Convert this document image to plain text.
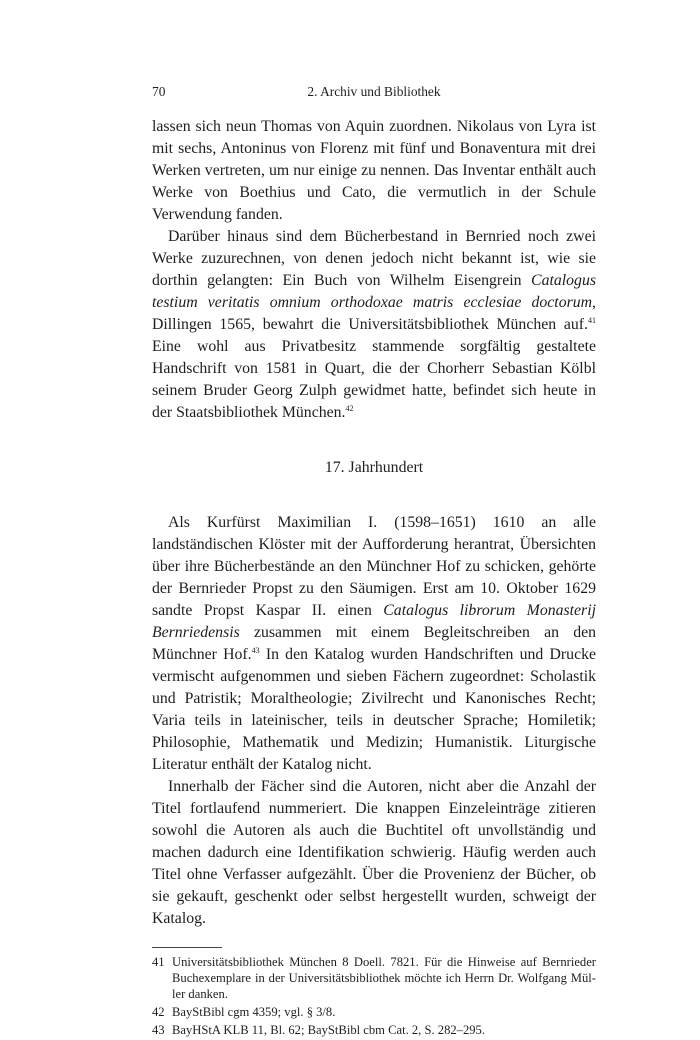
70	2. Archiv und Bibliothek

lassen sich neun Thomas von Aquin zuordnen. Nikolaus von Lyra ist mit sechs, Antoninus von Florenz mit fünf und Bonaventura mit drei Werken vertreten, um nur einige zu nennen. Das Inventar enthält auch Werke von Boethius und Cato, die vermutlich in der Schule Verwendung fanden.

Darüber hinaus sind dem Bücherbestand in Bernried noch zwei Werke zuzurechnen, von denen jedoch nicht bekannt ist, wie sie dorthin gelangten: Ein Buch von Wilhelm Eisengrein Catalogus testium veritatis omnium orthodoxae matris ecclesiae doctorum, Dillingen 1565, bewahrt die Universitätsbibliothek München auf.$^{41}$ Eine wohl aus Privatbesitz stammende sorgfältig gestaltete Handschrift von 1581 in Quart, die der Chorherr Sebastian Kölbl seinem Bruder Georg Zulph gewidmet hatte, befindet sich heute in der Staatsbibliothek München.$^{42}$

17. Jahrhundert

Als Kurfürst Maximilian I. (1598–1651) 1610 an alle landständischen Klöster mit der Aufforderung herantrat, Übersichten über ihre Bücherbestände an den Münchner Hof zu schicken, gehörte der Bernrieder Propst zu den Säumigen. Erst am 10. Oktober 1629 sandte Propst Kaspar II. einen Catalogus librorum Monasterij Bernriedensis zusammen mit einem Begleitschreiben an den Münchner Hof.$^{43}$ In den Katalog wurden Handschriften und Drucke vermischt aufgenommen und sieben Fächern zugeordnet: Scholastik und Patristik; Moraltheologie; Zivilrecht und Kanonisches Recht; Varia teils in lateinischer, teils in deutscher Sprache; Homiletik; Philosophie, Mathematik und Medizin; Humanistik. Liturgische Literatur enthält der Katalog nicht.

Innerhalb der Fächer sind die Autoren, nicht aber die Anzahl der Titel fortlaufend nummeriert. Die knappen Einzeleinträge zitieren sowohl die Autoren als auch die Buchtitel oft unvollständig und machen dadurch eine Identifikation schwierig. Häufig werden auch Titel ohne Verfasser aufgezählt. Über die Provenienz der Bücher, ob sie gekauft, geschenkt oder selbst hergestellt wurden, schweigt der Katalog.

41 Universitätsbibliothek München 8 Doell. 7821. Für die Hinweise auf Bernrieder Buchexemplare in der Universitätsbibliothek möchte ich Herrn Dr. Wolfgang Müller danken.
42 BayStBibl cgm 4359; vgl. § 3/8.
43 BayHStA KLB 11, Bl. 62; BayStBibl cbm Cat. 2, S. 282–295.
